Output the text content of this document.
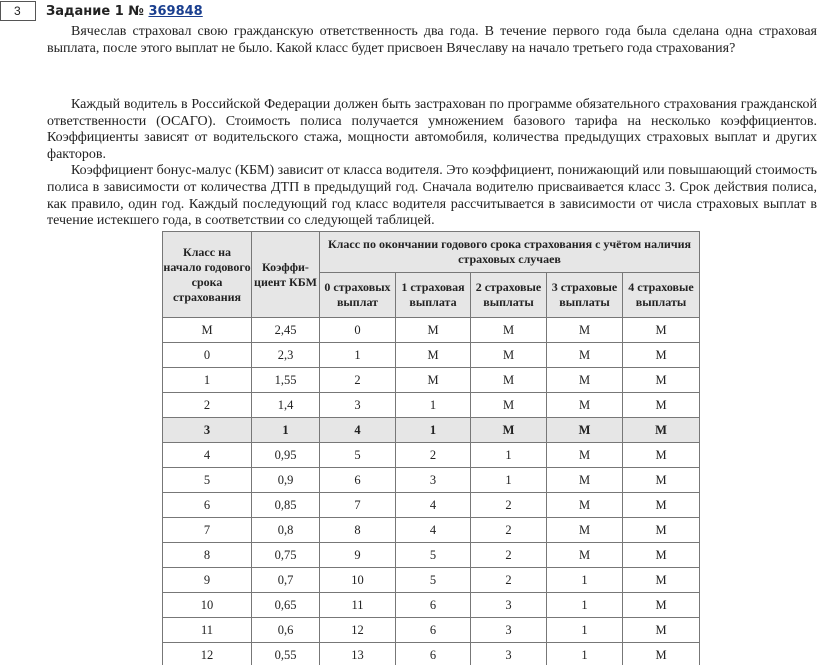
3	Задание 1 № 369848

Вячеслав страховал свою гражданскую ответственность два года. В течение первого года была сделана одна страховая выплата, после этого выплат не было. Какой класс будет присвоен Вячеславу на начало третьего года страхования?

Каждый водитель в Российской Федерации должен быть застрахован по программе обязательного страхования гражданской ответственности (ОСАГО). Стоимость полиса получается умножением базового тарифа на несколько коэффициентов. Коэффициенты зависят от водительского стажа, мощности автомобиля, количества предыдущих страховых выплат и других факторов.

Коэффициент бонус-малус (КБМ) зависит от класса водителя. Это коэффициент, понижающий или повышающий стоимость полиса в зависимости от количества ДТП в предыдущий год. Сначала водителю присваивается класс 3. Срок действия полиса, как правило, один год. Каждый последующий год класс водителя рассчитывается в зависимости от числа страховых выплат в течение истекшего года, в соответствии со следующей таблицей.

Класс на начало годового срока страхования	Коэффи-циент КБМ	Класс по окончании годового срока страхования с учётом наличия страховых случаев				
		0 страховых выплат	1 страховая выплата	2 страховые выплаты	3 страховые выплаты	4 страховые выплаты
М	2,45	0	М	М	М	М
0	2,3	1	М	М	М	М
1	1,55	2	М	М	М	М
2	1,4	3	1	М	М	М
3	1	4	1	М	М	М
4	0,95	5	2	1	М	М
5	0,9	6	3	1	М	М
6	0,85	7	4	2	М	М
7	0,8	8	4	2	М	М
8	0,75	9	5	2	М	М
9	0,7	10	5	2	1	М
10	0,65	11	6	3	1	М
11	0,6	12	6	3	1	М
12	0,55	13	6	3	1	М
